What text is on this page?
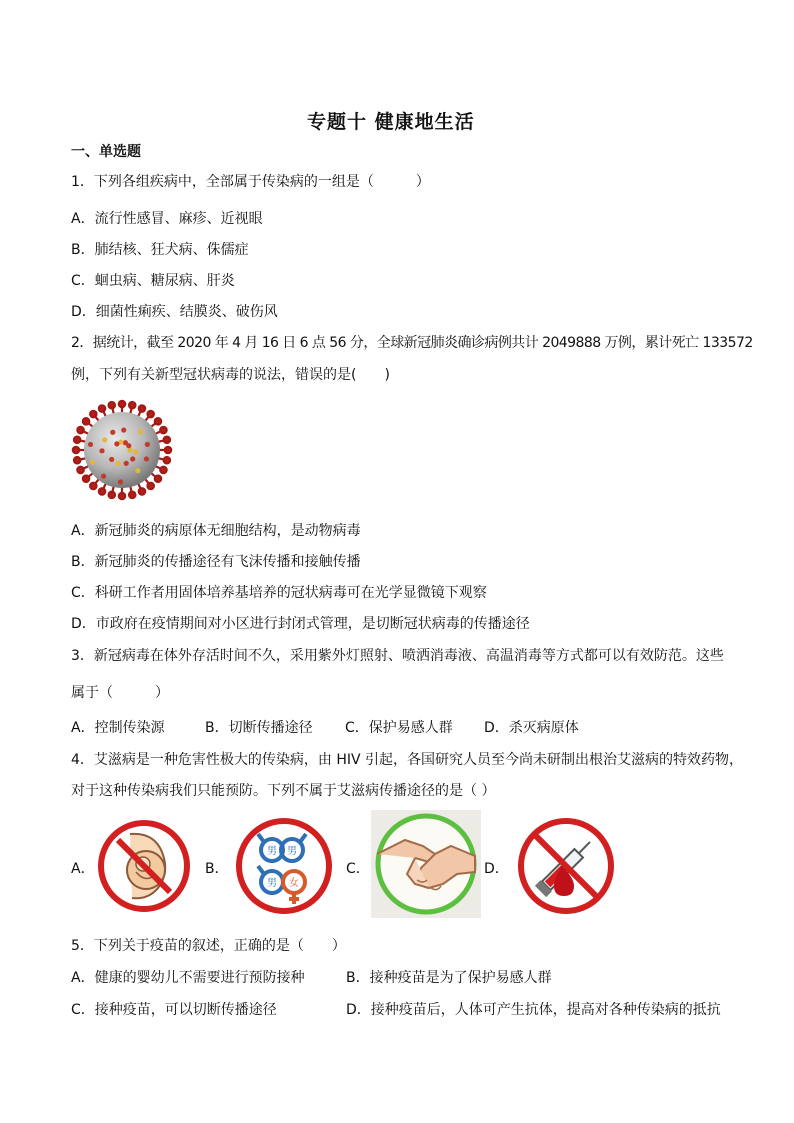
专题十 健康地生活
一、单选题
1．下列各组疾病中，全部属于传染病的一组是（　　　）
A．流行性感冒、麻疹、近视眼
B．肺结核、狂犬病、侏儒症
C．蛔虫病、糖尿病、肝炎
D．细菌性痢疾、结膜炎、破伤风
2．据统计，截至 2020 年 4 月 16 日 6 点 56 分，全球新冠肺炎确诊病例共计 2049888 万例，累计死亡 133572
例，下列有关新型冠状病毒的说法，错误的是(　　)
A．新冠肺炎的病原体无细胞结构，是动物病毒
B．新冠肺炎的传播途径有飞沫传播和接触传播
C．科研工作者用固体培养基培养的冠状病毒可在光学显微镜下观察
D．市政府在疫情期间对小区进行封闭式管理，是切断冠状病毒的传播途径
3．新冠病毒在体外存活时间不久，采用紫外灯照射、喷洒消毒液、高温消毒等方式都可以有效防范。这些
属于（　　　）
A．控制传染源	B．切断传播途径 C．保护易感人群 D．杀灭病原体
4．艾滋病是一种危害性极大的传染病，由 HIV 引起，各国研究人员至今尚未研制出根治艾滋病的特效药物，
对于这种传染病我们只能预防。下列不属于艾滋病传播途径的是（ ）
A．	B．
男 男
男 女
C．	D．
5．下列关于疫苗的叙述，正确的是（　　）
A．健康的婴幼儿不需要进行预防接种	B．接种疫苗是为了保护易感人群
C．接种疫苗，可以切断传播途径	D．接种疫苗后，人体可产生抗体，提高对各种传染病的抵抗
